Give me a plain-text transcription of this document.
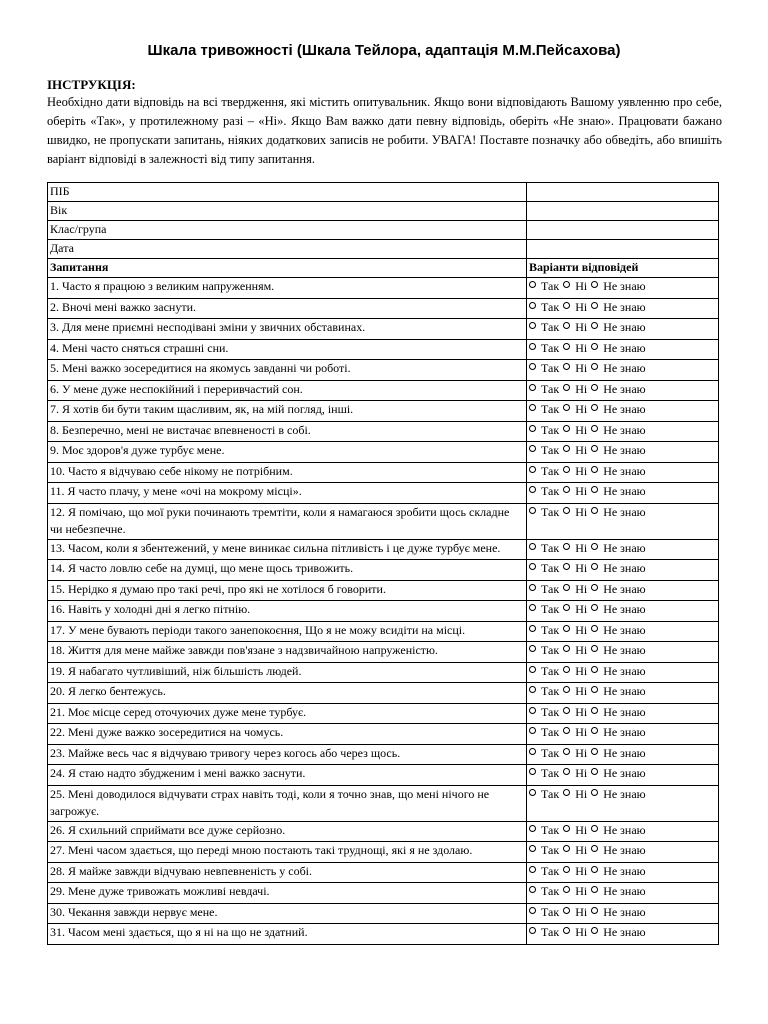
Шкала тривожності (Шкала Тейлора, адаптація М.М.Пейсахова)
ІНСТРУКЦІЯ:
Необхідно дати відповідь на всі твердження, які містить опитувальник. Якщо вони відповідають Вашому уявленню про себе, оберіть «Так», у протилежному разі – «Ні». Якщо Вам важко дати певну відповідь, оберіть «Не знаю». Працювати бажано швидко, не пропускати запитань, ніяких додаткових записів не робити. УВАГА! Поставте позначку або обведіть, або впишіть варіант відповіді в залежності від типу запитання.
ПІБ	
Вік	
Клас/група	
Дата	
Запитання	Варіанти відповідей
1. Часто я працюю з великим напруженням.	Так Ні Не знаю
2. Вночі мені важко заснути.	Так Ні Не знаю
3. Для мене приємні несподівані зміни у звичних обставинах.	Так Ні Не знаю
4. Мені часто сняться страшні сни.	Так Ні Не знаю
5. Мені важко зосередитися на якомусь завданні чи роботі.	Так Ні Не знаю
6. У мене дуже неспокійний і переривчастий сон.	Так Ні Не знаю
7. Я хотів би бути таким щасливим, як, на мій погляд, інші.	Так Ні Не знаю
8. Безперечно, мені не вистачає впевненості в собі.	Так Ні Не знаю
9. Моє здоров'я дуже турбує мене.	Так Ні Не знаю
10. Часто я відчуваю себе нікому не потрібним.	Так Ні Не знаю
11. Я часто плачу, у мене «очі на мокрому місці».	Так Ні Не знаю
12. Я помічаю, що мої руки починають тремтіти, коли я намагаюся зробити щось складне чи небезпечне.	Так Ні Не знаю
13. Часом, коли я збентежений, у мене виникає сильна пітливість і це дуже турбує мене.	Так Ні Не знаю
14. Я часто ловлю себе на думці, що мене щось тривожить.	Так Ні Не знаю
15. Нерідко я думаю про такі речі, про які не хотілося б говорити.	Так Ні Не знаю
16. Навіть у холодні дні я легко пітнію.	Так Ні Не знаю
17. У мене бувають періоди такого занепокоєння, Що я не можу всидіти на місці.	Так Ні Не знаю
18. Життя для мене майже завжди пов'язане з надзвичайною напруженістю.	Так Ні Не знаю
19. Я набагато чутливіший, ніж більшість людей.	Так Ні Не знаю
20. Я легко бентежусь.	Так Ні Не знаю
21. Моє місце серед оточуючих дуже мене турбує.	Так Ні Не знаю
22. Мені дуже важко зосередитися на чомусь.	Так Ні Не знаю
23. Майже весь час я відчуваю тривогу через когось або через щось.	Так Ні Не знаю
24. Я стаю надто збудженим і мені важко заснути.	Так Ні Не знаю
25. Мені доводилося відчувати страх навіть тоді, коли я точно знав, що мені нічого не загрожує.	Так Ні Не знаю
26. Я схильний сприймати все дуже серйозно.	Так Ні Не знаю
27. Мені часом здається, що переді мною постають такі труднощі, які я не здолаю.	Так Ні Не знаю
28. Я майже завжди відчуваю невпевненість у собі.	Так Ні Не знаю
29. Мене дуже тривожать можливі невдачі.	Так Ні Не знаю
30. Чекання завжди нервує мене.	Так Ні Не знаю
31. Часом мені здається, що я ні на що не здатний.	Так Ні Не знаю
